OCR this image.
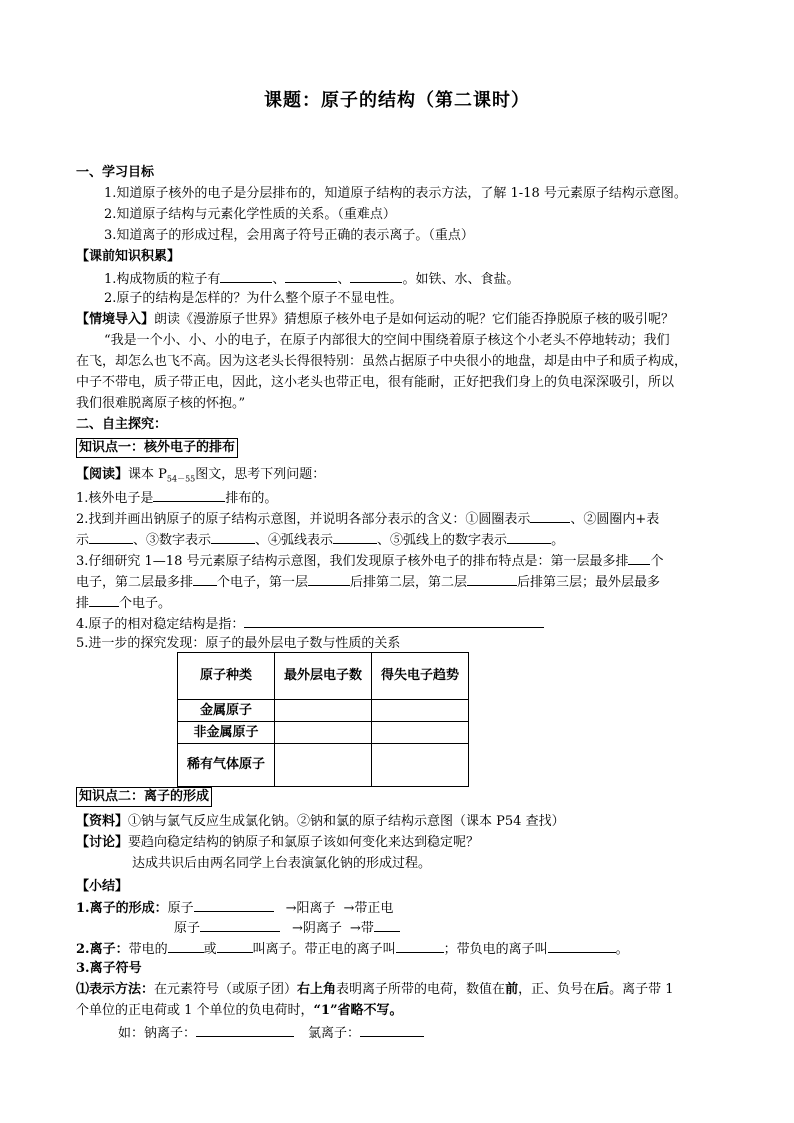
课题：原子的结构（第二课时）
一、学习目标
1.知道原子核外的电子是分层排布的，知道原子结构的表示方法，了解 1-18 号元素原子结构示意图。
2.知道原子结构与元素化学性质的关系。（重难点）
3.知道离子的形成过程，会用离子符号正确的表示离子。（重点）
【课前知识积累】
1.构成物质的粒子有	、	、	。如铁、水、食盐。
2.原子的结构是怎样的？为什么整个原子不显电性。
【情境导入】朗读《漫游原子世界》猜想原子核外电子是如何运动的呢？它们能否挣脱原子核的吸引呢？
“我是一个小、小、小的电子，在原子内部很大的空间中围绕着原子核这个小老头不停地转动；我们
在飞，却怎么也飞不高。因为这老头长得很特别：虽然占据原子中央很小的地盘，却是由中子和质子构成，
中子不带电，质子带正电，因此，这小老头也带正电，很有能耐，正好把我们身上的负电深深吸引，所以
我们很难脱离原子核的怀抱。”
二、自主探究：
知识点一：核外电子的排布
【阅读】课本 $P_{54-55}$图文，思考下列问题：
1.核外电子是	排布的。
2.找到并画出钠原子的原子结构示意图，并说明各部分表示的含义：①圆圈表示	、②圆圈内+表
示	、③数字表示	、④弧线表示	、⑤弧线上的数字表示	。
3.仔细研究 1—18 号元素原子结构示意图，我们发现原子核外电子的排布特点是：第一层最多排 个
电子，第二层最多排 个电子，第一层	后排第二层，第二层	后排第三层；最外层最多
排 个电子。
4.原子的相对稳定结构是指：
5.进一步的探究发现：原子的最外层电子数与性质的关系
原子种类	最外层电子数	得失电子趋势
金属原子		
非金属原子		
稀有气体原子		
知识点二：离子的形成
【资料】①钠与氯气反应生成氯化钠。②钠和氯的原子结构示意图（课本 P54 查找）
【讨论】要趋向稳定结构的钠原子和氯原子该如何变化来达到稳定呢？
达成共识后由两名同学上台表演氯化钠的形成过程。
【小结】
1.离子的形成：原子	→阳离子 →带正电
原子	→阴离子 →带
2.离子：带电的	或	叫离子。带正电的离子叫	；带负电的离子叫	。
3.离子符号
⑴表示方法：在元素符号（或原子团）右上角表明离子所带的电荷，数值在前，正、负号在后。离子带 1
个单位的正电荷或 1 个单位的负电荷时，“1”省略不写。
如：钠离子：	氯离子：
